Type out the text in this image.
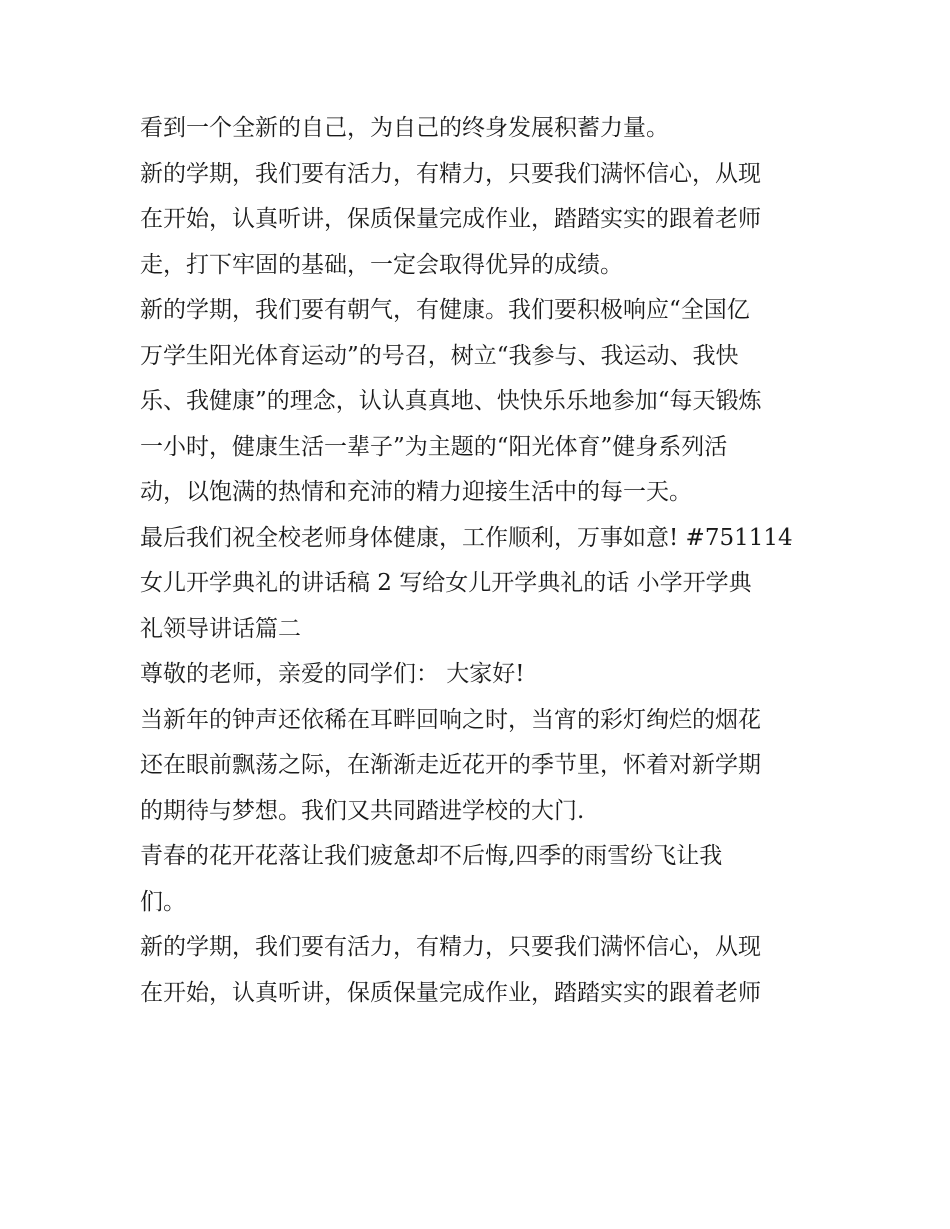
看到一个全新的自己，为自己的终身发展积蓄力量。
新的学期，我们要有活力，有精力，只要我们满怀信心，从现
在开始，认真听讲，保质保量完成作业，踏踏实实的跟着老师
走，打下牢固的基础，一定会取得优异的成绩。
新的学期，我们要有朝气，有健康。我们要积极响应“全国亿
万学生阳光体育运动”的号召，树立“我参与、我运动、我快
乐、我健康”的理念，认认真真地、快快乐乐地参加“每天锻炼
一小时，健康生活一辈子”为主题的“阳光体育”健身系列活
动，以饱满的热情和充沛的精力迎接生活中的每一天。
最后我们祝全校老师身体健康，工作顺利，万事如意! #751114
女儿开学典礼的讲话稿 2 写给女儿开学典礼的话 小学开学典
礼领导讲话篇二
尊敬的老师，亲爱的同学们： 大家好!
当新年的钟声还依稀在耳畔回响之时，当宵的彩灯绚烂的烟花
还在眼前飘荡之际，在渐渐走近花开的季节里，怀着对新学期
的期待与梦想。我们又共同踏进学校的大门.
青春的花开花落让我们疲惫却不后悔,四季的雨雪纷飞让我
们。
新的学期，我们要有活力，有精力，只要我们满怀信心，从现
在开始，认真听讲，保质保量完成作业，踏踏实实的跟着老师
